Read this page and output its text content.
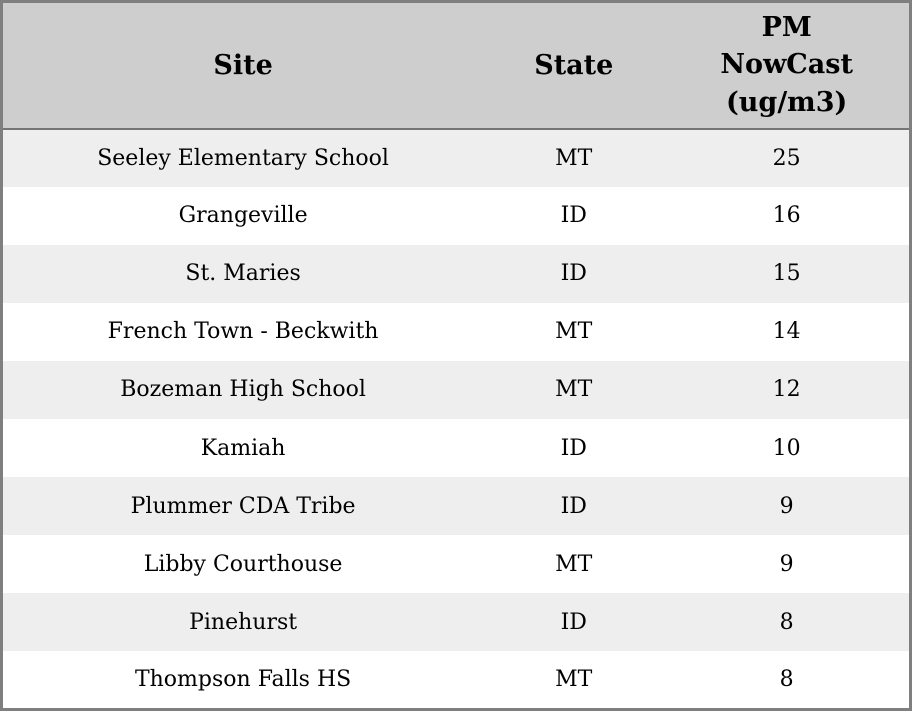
Site	State	PM NowCast (ug/m3)
Seeley Elementary School	MT	25
Grangeville	ID	16
St. Maries	ID	15
French Town - Beckwith	MT	14
Bozeman High School	MT	12
Kamiah	ID	10
Plummer CDA Tribe	ID	9
Libby Courthouse	MT	9
Pinehurst	ID	8
Thompson Falls HS	MT	8
